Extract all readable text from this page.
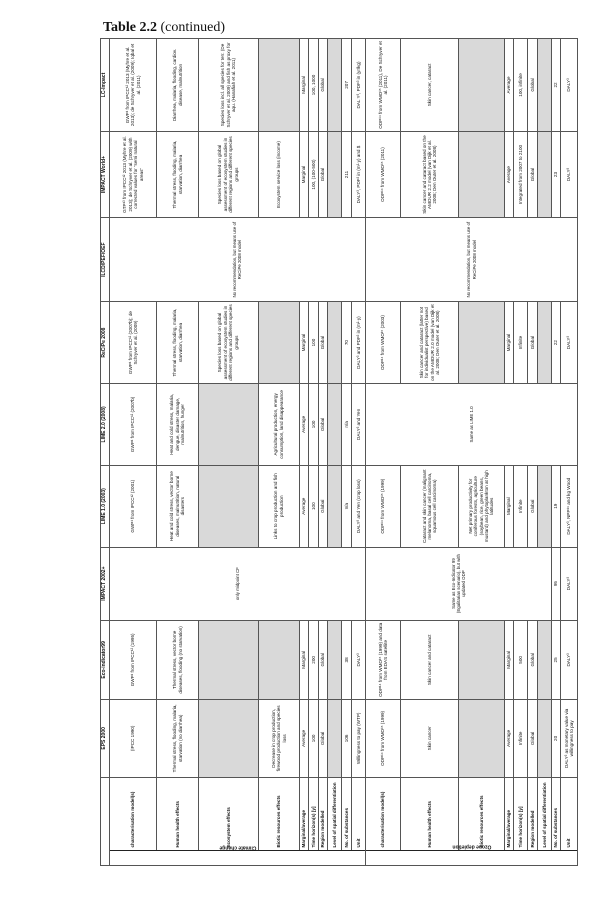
Table 2.2 (continued)
		EPS 2000	Eco-indicator99	IMPACT 2002+	LIME 1.0 (2003)	LIME 2.0 (2008)	ReCiPe 2008	ILCD/PEF/OEF	IMPACT World+	LC-Impact
Climate change	characterisation model(s)	(IPCC 1990)	GWP¹ from IPCC¹² (1995)	only midpoint CF	GWP¹ from IPCC¹² (2001)	GWP¹ from IPCC¹² (2007b)	GWP¹ from IPCC¹² (2007b); de Schryver et al. (2009)	No recommendation, but means use of ReCiPe 2008 model	GTP¹³ from IPCC¹² 2013 (Myhre et al. 2013); de Schryver et al. (2009) with corrected values for "semi natural areas"	GWP¹ from IPCC¹² 2013 (Myhre et al. 2013); de Schryver et al. (2009); Iqbal et al. (2011)
	Human health effects	Thermal stress, flooding, malaria, starvation (no diarrhea)	Thermal stress, vector borne diseases, flooding (no starvation)		Heat and cold stress, vector borne diseases, malnutrition, natural disasters	Heat and cold stress, malaria, dengue, disaster damage, malnutrition, hunger	Thermal stress, flooding, malaria, starvation, diarrhea		Thermal stress, flooding, malaria, starvation, diarrhea	Diarrhea, malaria, flooding, cardiov. disease, malnutrition
	Ecosystem effects						Species loss based on global assessment of ecosystem studies in different regions and different species groups		Species loss based on global assessment of ecosystem studies in different regions and different species groups	Species loss incl. all species for terr. (De Schryver et al. 2009) and fish as proxy for aqu. (Hanafiah et al. 2011)
	Biotic resources effects	Decrease in crop production, firewood production and species loss			Links to crop production and fish production	Agricultural production, energy consumption, land disappearance			Ecosystem service loss (income)	
	Marginal/average	Average	Marginal		Average	Average	Marginal		Marginal	Marginal
	Time horizon(s) [y]	100	200		100	100	100		100, (100-500)	100, 1000
	Region modelled	Global	Global		Global	Global	Global		Global	Global
	Level of spatial differentiation									
	No. of substances	106	38		n/a	n/a	70		211	207
	Unit	Willingness to pay (WTP)	DALY³		DALY³ and Yen (crop loss)	DALY³ and Yen	DALY³ and PDF³ in (m²·y)		DALY³, PDF³ in (m²·y) and $	DAL Y³, PDF³ in (yr/kg)
Ozone depletion	characterisation model(s)	ODP¹⁴ from WMO¹⁵ (1999)	ODP¹⁴ from WMO¹⁵ (1999) and data from EDAS satellite	Same as Eco-Indicator 99 (Egalitarian scenario), but with updated ODP	ODP¹⁴ from WMO¹⁵ (1999)	Same as LIME 1.0	ODP¹⁴ from WMO¹⁵ (2003)	No recommendation, but means use of ReCiPe 2008 model	ODP¹⁴ from WMO¹⁵ (2011)	ODP¹⁴ from WMO¹⁵ (2011), De Schryver et al. (2011)
	Human health effects	Skin cancer	Skin cancer and cataract		Cataract and skin cancer (malignant melanoma, basal cell carcinoma, squamous cell carcinoma)		Skin cancer and cataract (latter not for individualist perspective) based on the AMOUR 2.0 model (van Dijk et al. 2008; Den Outer et al. 2008)		Skin cancer and cataract based on the AMOUR 2.2 model (van Dijk et al. 2008; Den Outer et al. 2008)	Skin cancer, cataract
	Biotic resources effects				Net primary productivity for coniferous forests, agriculture (soybean, rice, green beans, mustard) and phytoplankton at high latitudes					
	Marginal/average	Average	Marginal		Marginal		Marginal		Average	Average
	Time horizon(s) [y]	Infinite	500		Infinite		Infinite		Integrated from 2007 to 2100	100, infinite
	Region modelled	Global	Global		Global		Global		Global	Global
	Level of spatial differentiation									
	No. of substances	20	25	95	19		22		23	22
	Unit	DALY³ as monetary value via willingness to pay	DALY³	DALY³	DALY³, NPP¹⁶ and kg Wood		DALY³		DALY³	DALY³
